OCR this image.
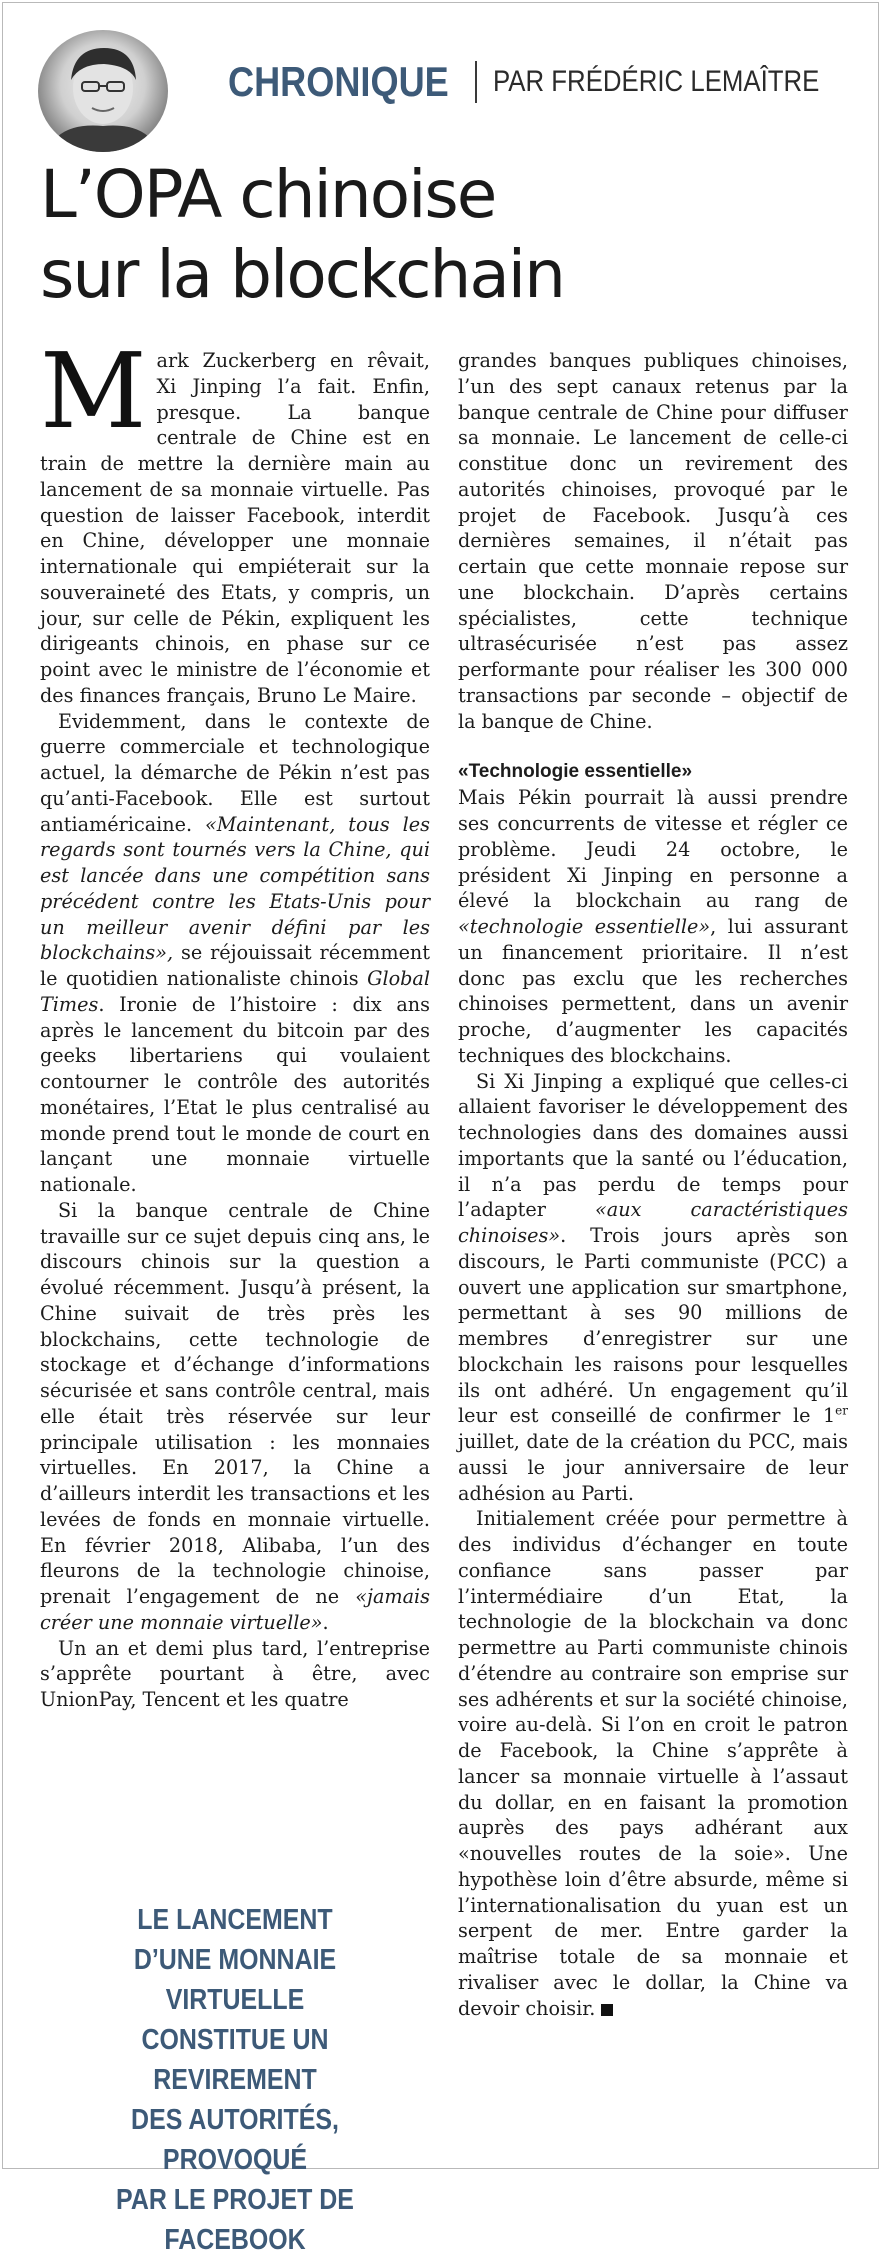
CHRONIQUE PAR FRÉDÉRIC LEMAÎTRE
L’OPA chinoise
sur la blockchain

Mark Zuckerberg en rêvait, Xi Jinping l’a fait. Enfin, presque. La banque centrale de Chine est en train de mettre la dernière main au lancement de sa monnaie virtuelle. Pas question de laisser Facebook, interdit en Chine, développer une monnaie internationale qui empiéterait sur la souveraineté des Etats, y compris, un jour, sur celle de Pékin, expliquent les dirigeants chinois, en phase sur ce point avec le ministre de l’économie et des finances français, Bruno Le Maire.

Evidemment, dans le contexte de guerre commerciale et technologique actuel, la démarche de Pékin n’est pas qu’anti-Facebook. Elle est surtout antiaméricaine. «Maintenant, tous les regards sont tournés vers la Chine, qui est lancée dans une compétition sans précédent contre les Etats-Unis pour un meilleur avenir défini par les blockchains», se réjouissait récemment le quotidien nationaliste chinois Global Times. Ironie de l’histoire : dix ans après le lancement du bitcoin par des geeks libertariens qui voulaient contourner le contrôle des autorités monétaires, l’Etat le plus centralisé au monde prend tout le monde de court en lançant une monnaie virtuelle nationale.

Si la banque centrale de Chine travaille sur ce sujet depuis cinq ans, le discours chinois sur la question a évolué récemment. Jusqu’à présent, la Chine suivait de très près les blockchains, cette technologie de stockage et d’échange d’informations sécurisée et sans contrôle central, mais elle était très réservée sur leur principale utilisation : les monnaies virtuelles. En 2017, la Chine a d’ailleurs interdit les transactions et les levées de fonds en monnaie virtuelle. En février 2018, Alibaba, l’un des fleurons de la technologie chinoise, prenait l’engagement de ne «jamais créer une monnaie virtuelle».

Un an et demi plus tard, l’entreprise s’apprête pourtant à être, avec UnionPay, Tencent et les quatre

grandes banques publiques chinoises, l’un des sept canaux retenus par la banque centrale de Chine pour diffuser sa monnaie. Le lancement de celle-ci constitue donc un revirement des autorités chinoises, provoqué par le projet de Facebook. Jusqu’à ces dernières semaines, il n’était pas certain que cette monnaie repose sur une blockchain. D’après certains spécialistes, cette technique ultrasécurisée n’est pas assez performante pour réaliser les 300 000 transactions par seconde – objectif de la banque de Chine.

«Technologie essentielle»

Mais Pékin pourrait là aussi prendre ses concurrents de vitesse et régler ce problème. Jeudi 24 octobre, le président Xi Jinping en personne a élevé la blockchain au rang de «technologie essentielle», lui assurant un financement prioritaire. Il n’est donc pas exclu que les recherches chinoises permettent, dans un avenir proche, d’augmenter les capacités techniques des blockchains.

Si Xi Jinping a expliqué que celles-ci allaient favoriser le développement des technologies dans des domaines aussi importants que la santé ou l’éducation, il n’a pas perdu de temps pour l’adapter «aux caractéristiques chinoises». Trois jours après son discours, le Parti communiste (PCC) a ouvert une application sur smartphone, permettant à ses 90 millions de membres d’enregistrer sur une blockchain les raisons pour lesquelles ils ont adhéré. Un engagement qu’il leur est conseillé de confirmer le 1er juillet, date de la création du PCC, mais aussi le jour anniversaire de leur adhésion au Parti.

Initialement créée pour permettre à des individus d’échanger en toute confiance sans passer par l’intermédiaire d’un Etat, la technologie de la blockchain va donc permettre au Parti communiste chinois d’étendre au contraire son emprise sur ses adhérents et sur la société chinoise, voire au-delà. Si l’on en croit le patron de Facebook, la Chine s’apprête à lancer sa monnaie virtuelle à l’assaut du dollar, en en faisant la promotion auprès des pays adhérant aux «nouvelles routes de la soie». Une hypothèse loin d’être absurde, même si l’internationalisation du yuan est un serpent de mer. Entre garder la maîtrise totale de sa monnaie et rivaliser avec le dollar, la Chine va devoir choisir.

LE LANCEMENT
D’UNE MONNAIE VIRTUELLE
CONSTITUE UN REVIREMENT
DES AUTORITÉS, PROVOQUÉ
PAR LE PROJET DE FACEBOOK
